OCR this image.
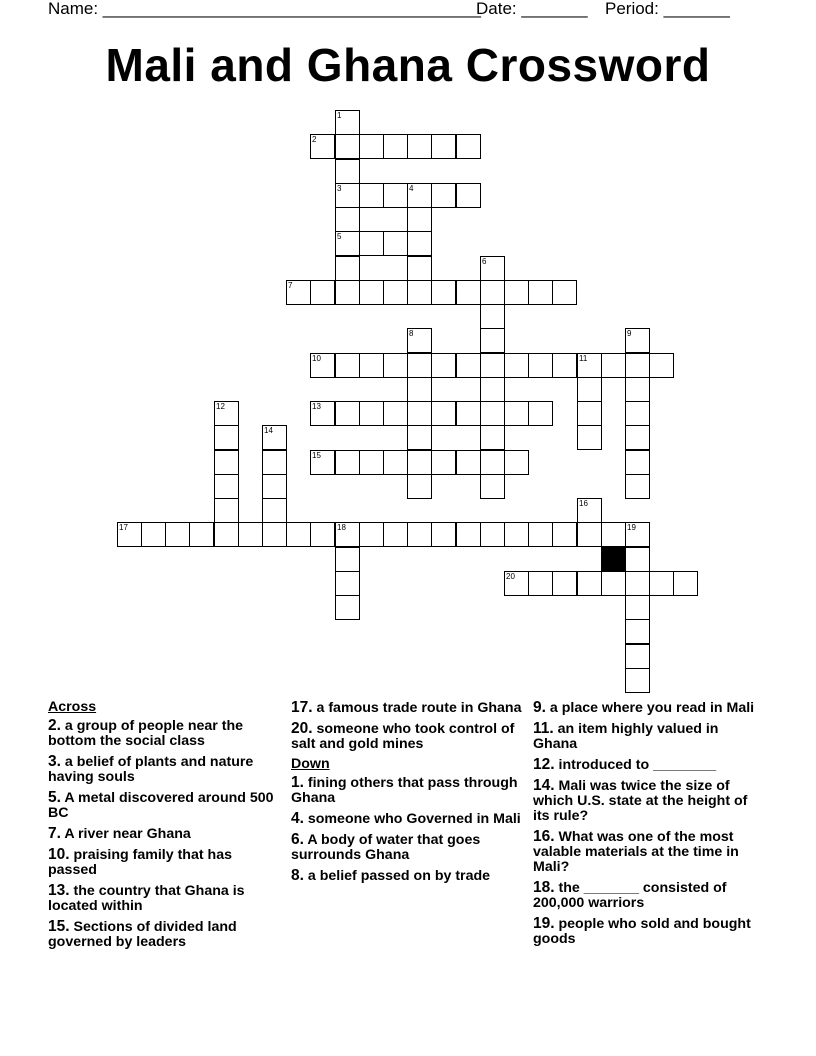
Name: ________________________________________
Date: _______ Period: _______
Mali and Ghana Crossword
1
3
5
2
4
6
7
8	9
10	11
12	13
14
15
16
17	18	19
20
Across
2. a group of people near the bottom the social class
3. a belief of plants and nature having souls
5. A metal discovered around 500 BC
7. A river near Ghana
10. praising family that has passed
13. the country that Ghana is located within
15. Sections of divided land governed by leaders
17. a famous trade route in Ghana
20. someone who took control of salt and gold mines
Down
1. fining others that pass through Ghana
4. someone who Governed in Mali
6. A body of water that goes surrounds Ghana
8. a belief passed on by trade
9. a place where you read in Mali
11. an item highly valued in Ghana
12. introduced to ________
14. Mali was twice the size of which U.S. state at the height of its rule?
16. What was one of the most valable materials at the time in Mali?
18. the _______ consisted of 200,000 warriors
19. people who sold and bought goods
